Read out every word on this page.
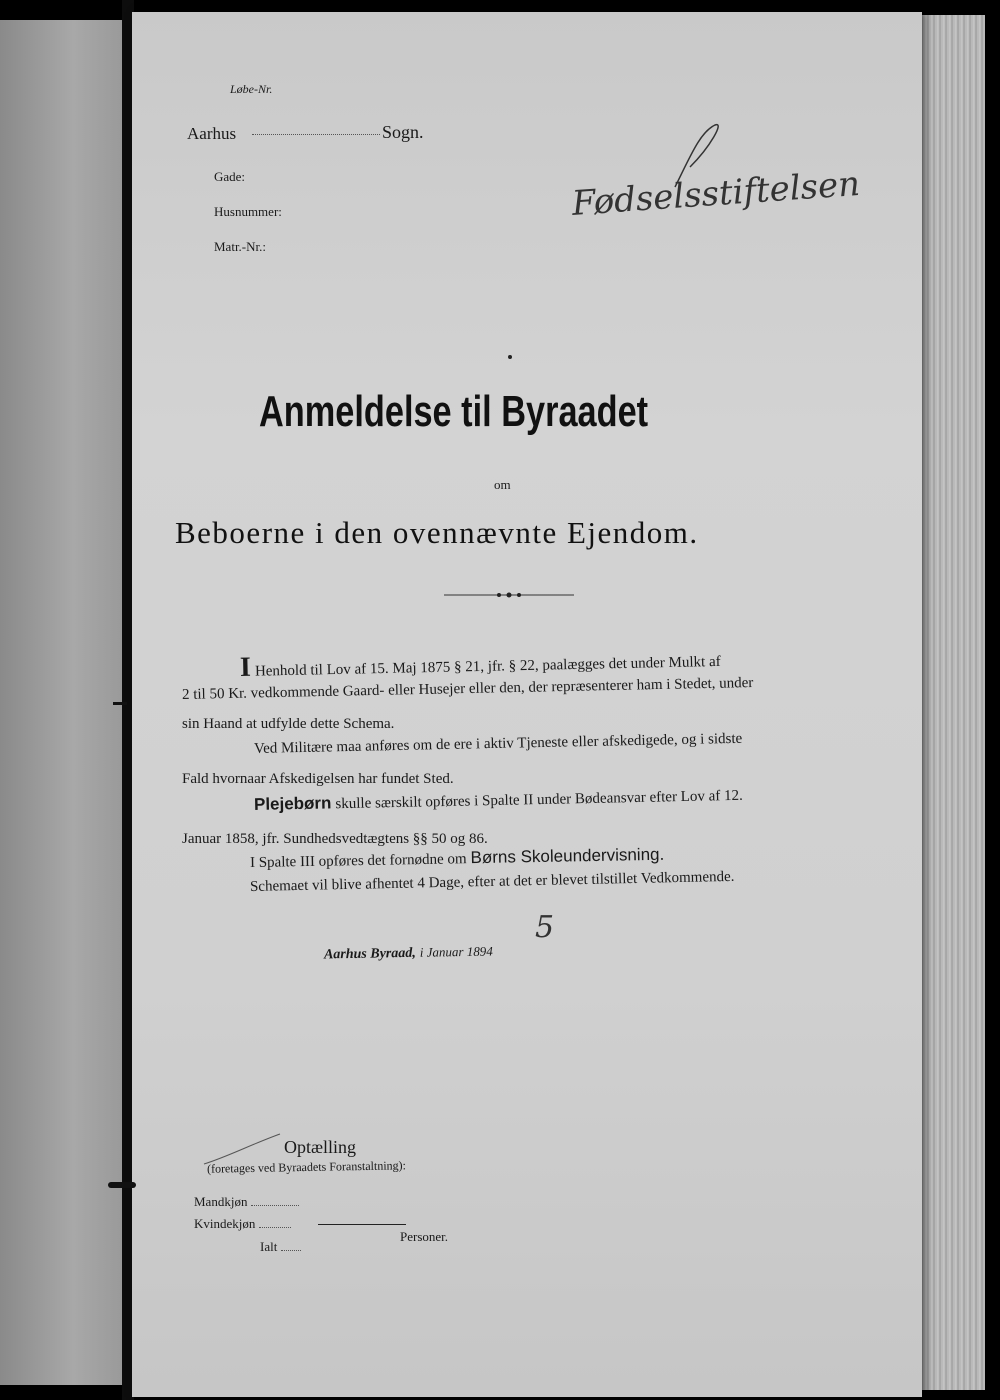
Løbe-Nr.
Aarhus	Sogn.
Gade:
Husnummer:
Matr.-Nr.:
Fødselsstiftelsen
Anmeldelse til Byraadet
om
Beboerne i den ovennævnte Ejendom.
I Henhold til Lov af 15. Maj 1875 § 21, jfr. § 22, paalægges det under Mulkt af
2 til 50 Kr. vedkommende Gaard- eller Husejer eller den, der repræsenterer ham i Stedet, under
sin Haand at udfylde dette Schema.
Ved Militære maa anføres om de ere i aktiv Tjeneste eller afskedigede, og i sidste
Fald hvornaar Afskedigelsen har fundet Sted.
Plejebørn skulle særskilt opføres i Spalte II under Bødeansvar efter Lov af 12.
Januar 1858, jfr. Sundhedsvedtægtens §§ 50 og 86.
I Spalte III opføres det fornødne om Børns Skoleundervisning.
Schemaet vil blive afhentet 4 Dage, efter at det er blevet tilstillet Vedkommende.
Aarhus Byraad, i Januar 1894
5
Optælling
(foretages ved Byraadets Foranstaltning):
Mandkjøn
Kvindekjøn
Ialt
Personer.
